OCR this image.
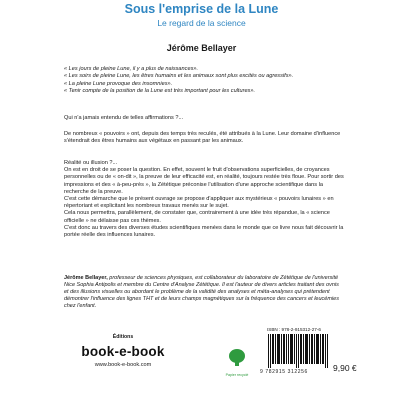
Sous l'emprise de la Lune
Le regard de la science
Jérôme Bellayer

« Les jours de pleine Lune, il y a plus de naissances».

« Les soirs de pleine Lune, les êtres humains et les animaux sont plus excités ou agressifs».

« La pleine Lune provoque des insomnies».

« Tenir compte de la position de la Lune est très important pour les cultures».

Qui n'a jamais entendu de telles affirmations ?...
De nombreux « pouvoirs » ont, depuis des temps très reculés, été attribués à la Lune. Leur domaine d'influence s'étendrait des êtres humains aux végétaux en passant par les animaux.

Réalité ou illusion ?...

On est en droit de se poser la question. En effet, souvent le fruit d'observations superficielles, de croyances personnelles ou de « on-dit », la preuve de leur efficacité est, en réalité, toujours restée très floue. Pour sortir des impressions et des « à-peu-près », la Zététique préconise l'utilisation d'une approche scientifique dans la recherche de la preuve.

C'est cette démarche que le présent ouvrage se propose d'appliquer aux mystérieux « pouvoirs lunaires » en répertoriant et explicitant les nombreux travaux menés sur le sujet.

Cela nous permettra, parallèlement, de constater que, contrairement à une idée très répandue, la « science officielle » ne délaisse pas ces thèmes.

C'est donc au travers des diverses études scientifiques menées dans le monde que ce livre nous fait découvrir la portée réelle des influences lunaires.

Jérôme Bellayer, professeur de sciences physiques, est collaborateur du laboratoire de Zététique de l'université Nice Sophia Antipolis et membre du Centre d'Analyse Zététique. Il est l'auteur de divers articles traitant des ovnis et des illusions visuelles ou abordant le problème de la validité des analyses et méta-analyses qui prétendent démontrer l'influence des lignes THT et de leurs champs magnétiques sur la fréquence des cancers et leucémies chez l'enfant.
Éditions
book-e-book
www.book-e-book.com
Papier recyclé
ISBN : 978-2-915312-27-6
9 782915 312256	9,90 €
